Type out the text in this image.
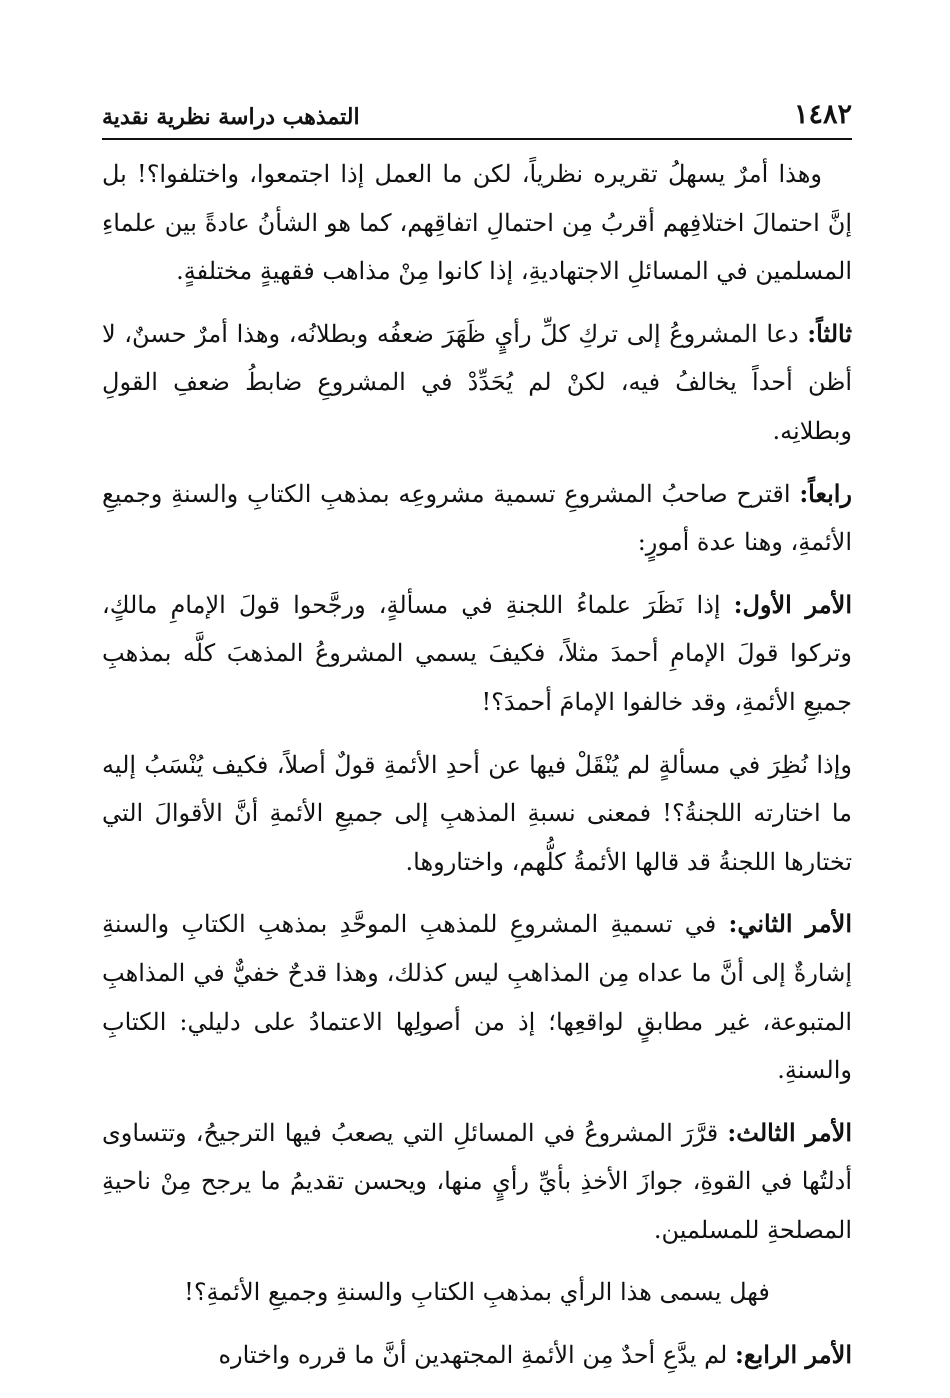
١٤٨٢
التمذهب دراسة نظرية نقدية

وهذا أمرٌ يسهلُ تقريره نظرياً، لكن ما العمل إذا اجتمعوا، واختلفوا؟! بل إنَّ احتمالَ اختلافِهم أقربُ مِن احتمالِ اتفاقِهم، كما هو الشأنُ عادةً بين علماءِ المسلمين في المسائلِ الاجتهاديةِ، إذا كانوا مِنْ مذاهب فقهيةٍ مختلفةٍ.

ثالثاً: دعا المشروعُ إلى تركِ كلِّ رأيٍ ظَهَرَ ضعفُه وبطلانُه، وهذا أمرٌ حسنٌ، لا أظن أحداً يخالفُ فيه، لكنْ لم يُحَدِّدْ في المشروعِ ضابطُ ضعفِ القولِ وبطلانِه.

رابعاً: اقترح صاحبُ المشروعِ تسمية مشروعِه بمذهبِ الكتابِ والسنةِ وجميعِ الأئمةِ، وهنا عدة أمورٍ:

الأمر الأول: إذا نَظَرَ علماءُ اللجنةِ في مسألةٍ، ورجَّحوا قولَ الإمامِ مالكٍ، وتركوا قولَ الإمامِ أحمدَ مثلاً، فكيفَ يسمي المشروعُ المذهبَ كلَّه بمذهبِ جميعِ الأئمةِ، وقد خالفوا الإمامَ أحمدَ؟!

وإذا نُظِرَ في مسألةٍ لم يُنْقَلْ فيها عن أحدِ الأئمةِ قولٌ أصلاً، فكيف يُنْسَبُ إليه ما اختارته اللجنةُ؟! فمعنى نسبةِ المذهبِ إلى جميعِ الأئمةِ أنَّ الأقوالَ التي تختارها اللجنةُ قد قالها الأئمةُ كلُّهم، واختاروها.

الأمر الثاني: في تسميةِ المشروعِ للمذهبِ الموحَّدِ بمذهبِ الكتابِ والسنةِ إشارةٌ إلى أنَّ ما عداه مِن المذاهبِ ليس كذلك، وهذا قدحٌ خفيٌّ في المذاهبِ المتبوعة، غير مطابقٍ لواقعِها؛ إذ من أصولِها الاعتمادُ على دليلي: الكتابِ والسنةِ.

الأمر الثالث: قرَّرَ المشروعُ في المسائلِ التي يصعبُ فيها الترجيحُ، وتتساوى أدلتُها في القوةِ، جوازَ الأخذِ بأيِّ رأيٍ منها، ويحسن تقديمُ ما يرجح مِنْ ناحيةِ المصلحةِ للمسلمين.

فهل يسمى هذا الرأي بمذهبِ الكتابِ والسنةِ وجميعِ الأئمةِ؟!

الأمر الرابع: لم يدَّعِ أحدٌ مِن الأئمةِ المجتهدين أنَّ ما قرره واختاره
